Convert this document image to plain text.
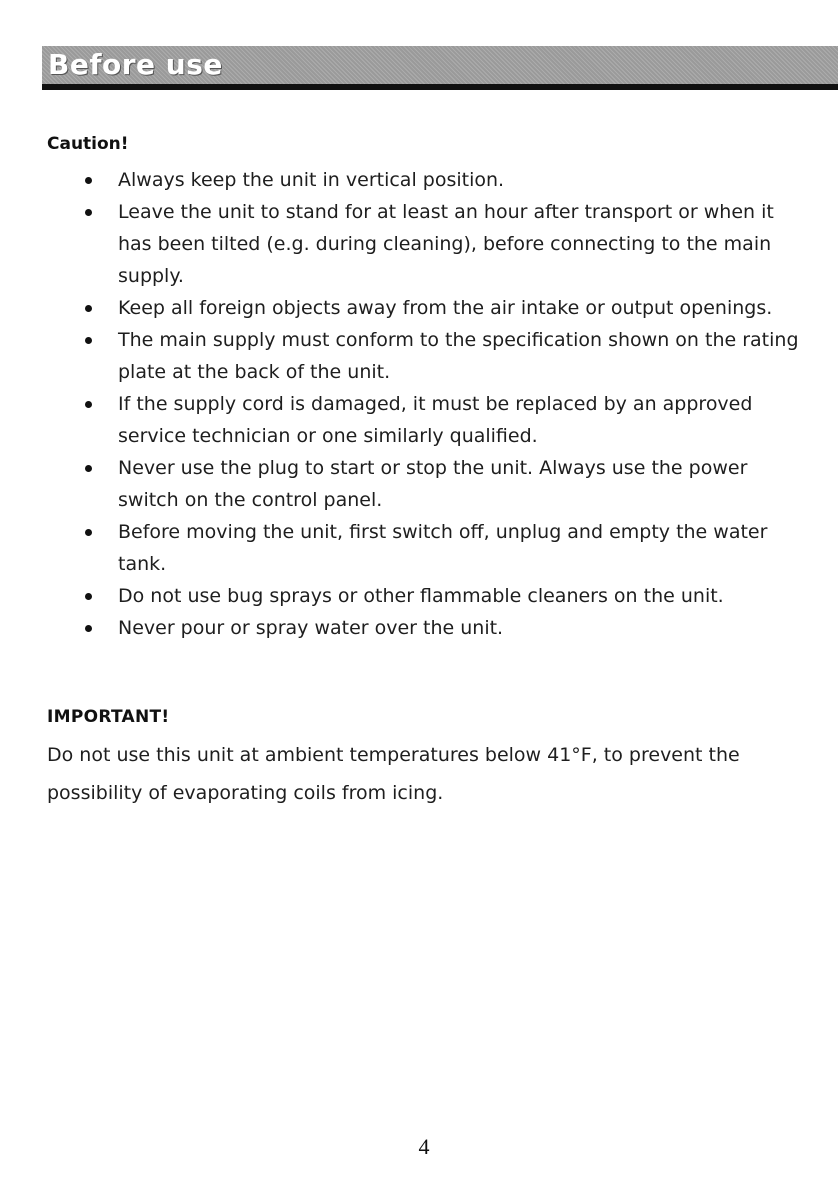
Before use
Caution!
Always keep the unit in vertical position.
Leave the unit to stand for at least an hour after transport or when it has been tilted (e.g. during cleaning), before connecting to the main supply.
Keep all foreign objects away from the air intake or output openings.
The main supply must conform to the specification shown on the rating plate at the back of the unit.
If the supply cord is damaged, it must be replaced by an approved service technician or one similarly qualified.
Never use the plug to start or stop the unit. Always use the power switch on the control panel.
Before moving the unit, first switch off, unplug and empty the water tank.
Do not use bug sprays or other flammable cleaners on the unit.
Never pour or spray water over the unit.
IMPORTANT!

Do not use this unit at ambient temperatures below 41°F, to prevent the possibility of evaporating coils from icing.

4
